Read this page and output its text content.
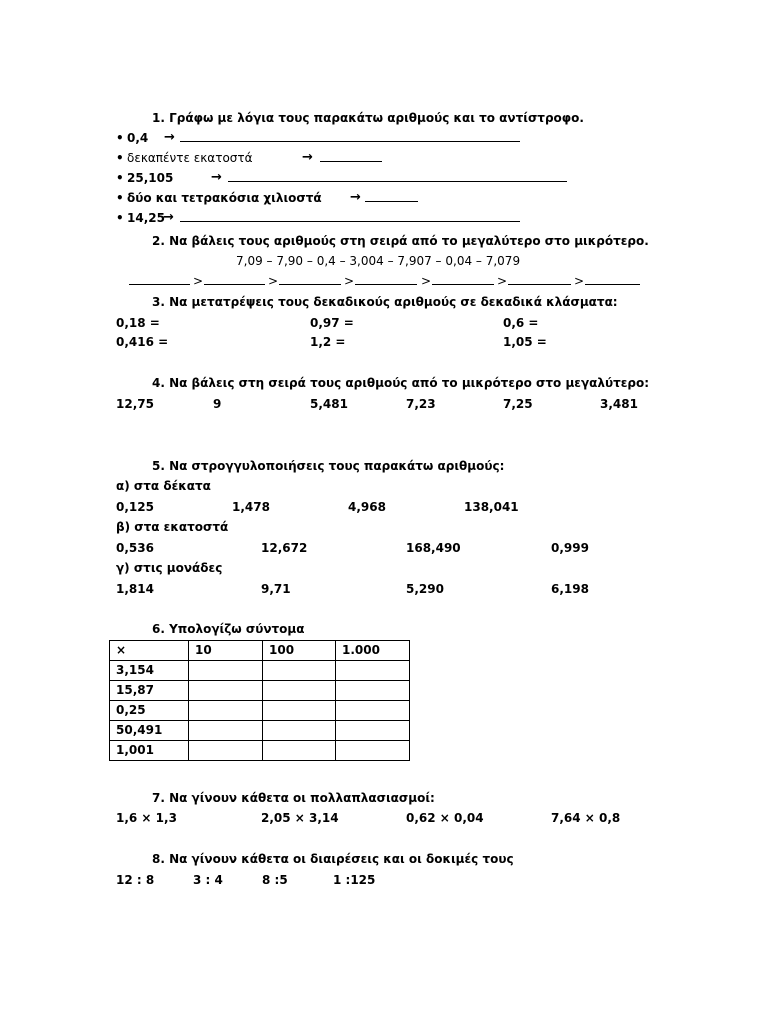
1. Γράφω με λόγια τους παρακάτω αριθμούς και το αντίστροφο.
• 0,4 →
• δεκαπέντε εκατοστά	→
• 25,105	→
• δύο και τετρακόσια χιλιοστά →
• 14,25
→
2. Να βάλεις τους αριθμούς στη σειρά από το μεγαλύτερο στο μικρότερο.
7,09 – 7,90 – 0,4 – 3,004 – 7,907 – 0,04 – 7,079
>	>	>	>	>	>
3. Να μετατρέψεις τους δεκαδικούς αριθμούς σε δεκαδικά κλάσματα:
0,18 =	0,97 =	0,6 =
0,416 =	1,2 =	1,05 =
4. Να βάλεις στη σειρά τους αριθμούς από το μικρότερο στο μεγαλύτερο:
12,75	9	5,481	7,23	7,25	3,481
5. Να στρογγυλοποιήσεις τους παρακάτω αριθμούς:
α) στα δέκατα
0,125	1,478	4,968	138,041
β) στα εκατοστά
0,536	12,672	168,490	0,999
γ) στις μονάδες
1,814	9,71	5,290	6,198
6. Υπολογίζω σύντομα
×	10	100	1.000
3,154			
15,87			
0,25			
50,491			
1,001			
7. Να γίνουν κάθετα οι πολλαπλασιασμοί:
1,6 × 1,3	2,05 × 3,14	0,62 × 0,04	7,64 × 0,8
8. Να γίνουν κάθετα οι διαιρέσεις και οι δοκιμές τους
12 : 8	3 : 4	8 :5	1 :125
